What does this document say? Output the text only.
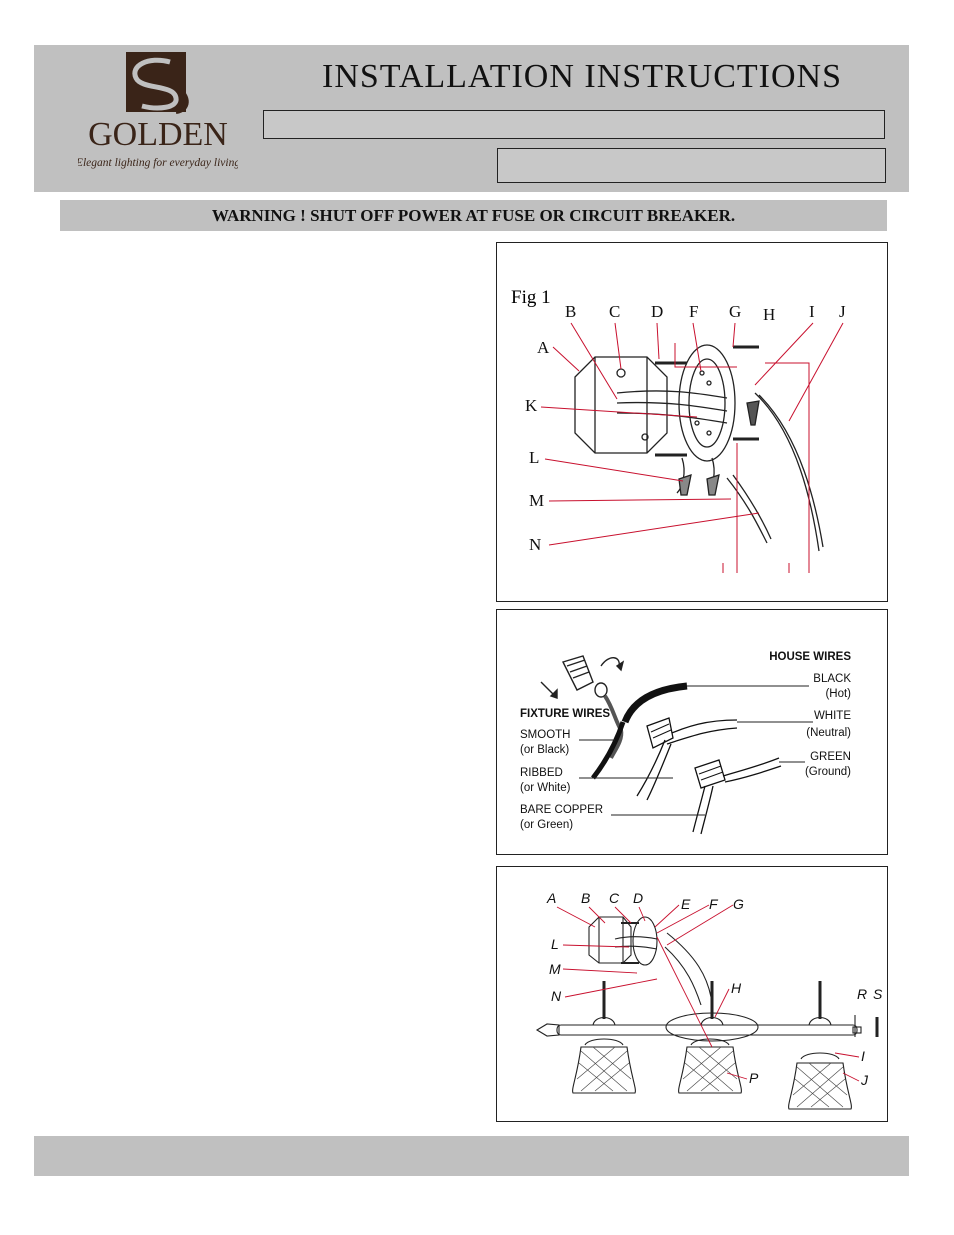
GOLDEN
Elegant lighting for everyday living
INSTALLATION INSTRUCTIONS
WARNING ! SHUT OFF POWER AT FUSE OR CIRCUIT BREAKER.
Fig 1
B C D F G H I J
A
K
L
M
N
HOUSE WIRES
BLACK
(Hot)
WHITE
(Neutral)
GREEN
(Ground)
FIXTURE WIRES
SMOOTH
(or Black)
RIBBED
(or White)
BARE COPPER
(or Green)
A B C D	E F G
L
M
N	H	R S
I
J
P
